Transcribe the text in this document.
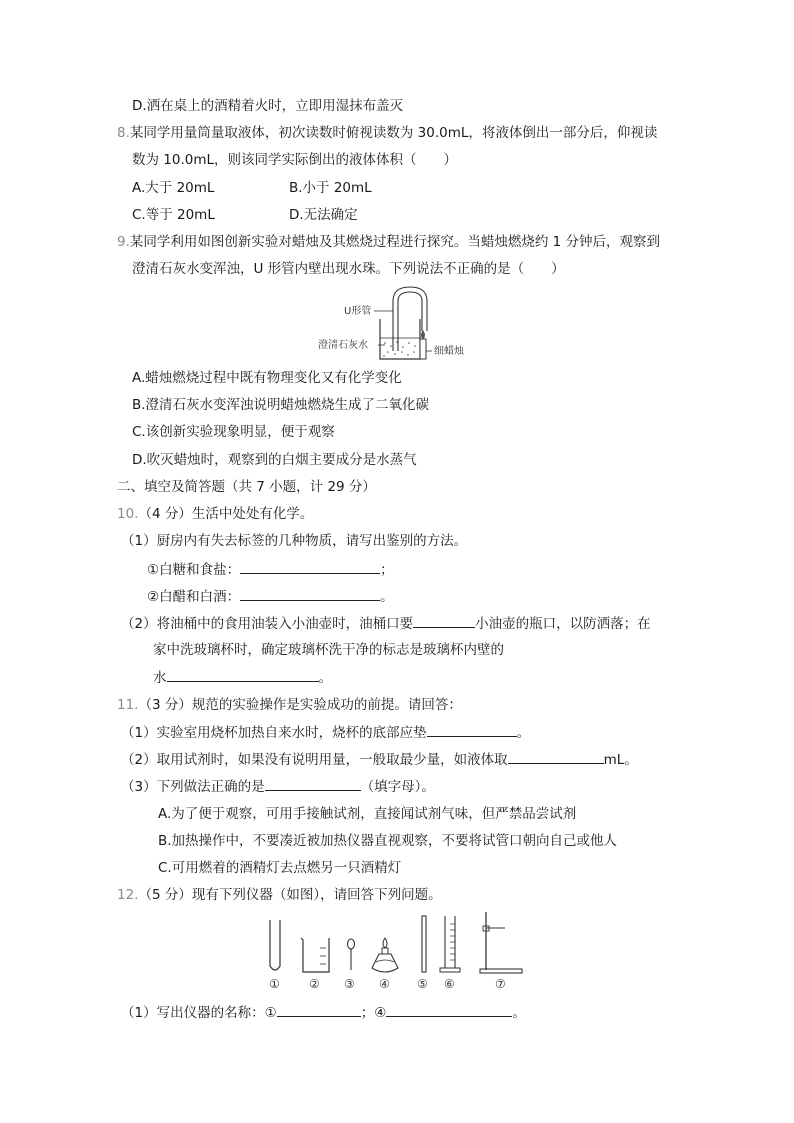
D.洒在桌上的酒精着火时，立即用湿抹布盖灭
8.某同学用量筒量取液体，初次读数时俯视读数为 30.0mL，将液体倒出一部分后，仰视读
数为 10.0mL，则该同学实际倒出的液体体积（　　）
A.大于 20mL	B.小于 20mL
C.等于 20mL	D.无法确定
9.某同学利用如图创新实验对蜡烛及其燃烧过程进行探究。当蜡烛燃烧约 1 分钟后，观察到
澄清石灰水变浑浊，U 形管内壁出现水珠。下列说法不正确的是（　　）
U形管
澄清石灰水
细蜡烛
A.蜡烛燃烧过程中既有物理变化又有化学变化
B.澄清石灰水变浑浊说明蜡烛燃烧生成了二氧化碳
C.该创新实验现象明显，便于观察
D.吹灭蜡烛时，观察到的白烟主要成分是水蒸气
二、填空及简答题（共 7 小题，计 29 分）
10.（4 分）生活中处处有化学。
（1）厨房内有失去标签的几种物质，请写出鉴别的方法。
①白糖和食盐：	；
②白醋和白酒：	。
（2）将油桶中的食用油装入小油壶时，油桶口要	小油壶的瓶口，以防洒落；在
家中洗玻璃杯时，确定玻璃杯洗干净的标志是玻璃杯内壁的
水	。
11.（3 分）规范的实验操作是实验成功的前提。请回答：
（1）实验室用烧杯加热自来水时，烧杯的底部应垫	。
（2）取用试剂时，如果没有说明用量，一般取最少量，如液体取	mL。
（3）下列做法正确的是	（填字母）。
A.为了便于观察，可用手接触试剂，直接闻试剂气味，但严禁品尝试剂
B.加热操作中，不要凑近被加热仪器直视观察，不要将试管口朝向自己或他人
C.可用燃着的酒精灯去点燃另一只酒精灯
12.（5 分）现有下列仪器（如图），请回答下列问题。
① ② ③ ④ ⑤ ⑥	⑦
（1）写出仪器的名称：①	；④	。
